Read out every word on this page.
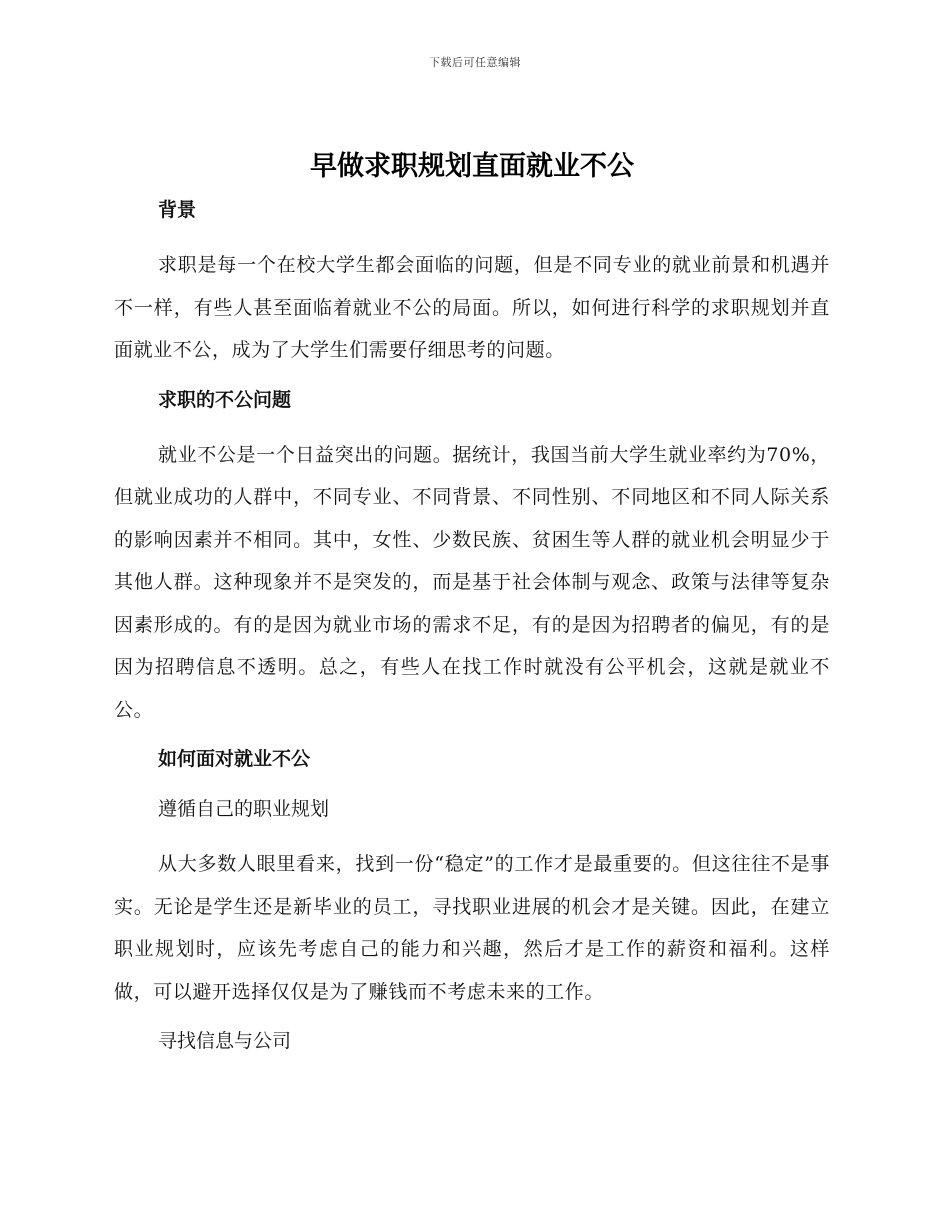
下载后可任意编辑
早做求职规划直面就业不公
背景

求职是每一个在校大学生都会面临的问题，但是不同专业的就业前景和机遇并不一样，有些人甚至面临着就业不公的局面。所以，如何进行科学的求职规划并直面就业不公，成为了大学生们需要仔细思考的问题。

求职的不公问题

就业不公是一个日益突出的问题。据统计，我国当前大学生就业率约为70%，但就业成功的人群中，不同专业、不同背景、不同性别、不同地区和不同人际关系的影响因素并不相同。其中，女性、少数民族、贫困生等人群的就业机会明显少于其他人群。这种现象并不是突发的，而是基于社会体制与观念、政策与法律等复杂因素形成的。有的是因为就业市场的需求不足，有的是因为招聘者的偏见，有的是因为招聘信息不透明。总之，有些人在找工作时就没有公平机会，这就是就业不公。

如何面对就业不公
遵循自己的职业规划

从大多数人眼里看来，找到一份“稳定”的工作才是最重要的。但这往往不是事实。无论是学生还是新毕业的员工，寻找职业进展的机会才是关键。因此，在建立职业规划时，应该先考虑自己的能力和兴趣，然后才是工作的薪资和福利。这样做，可以避开选择仅仅是为了赚钱而不考虑未来的工作。

寻找信息与公司
